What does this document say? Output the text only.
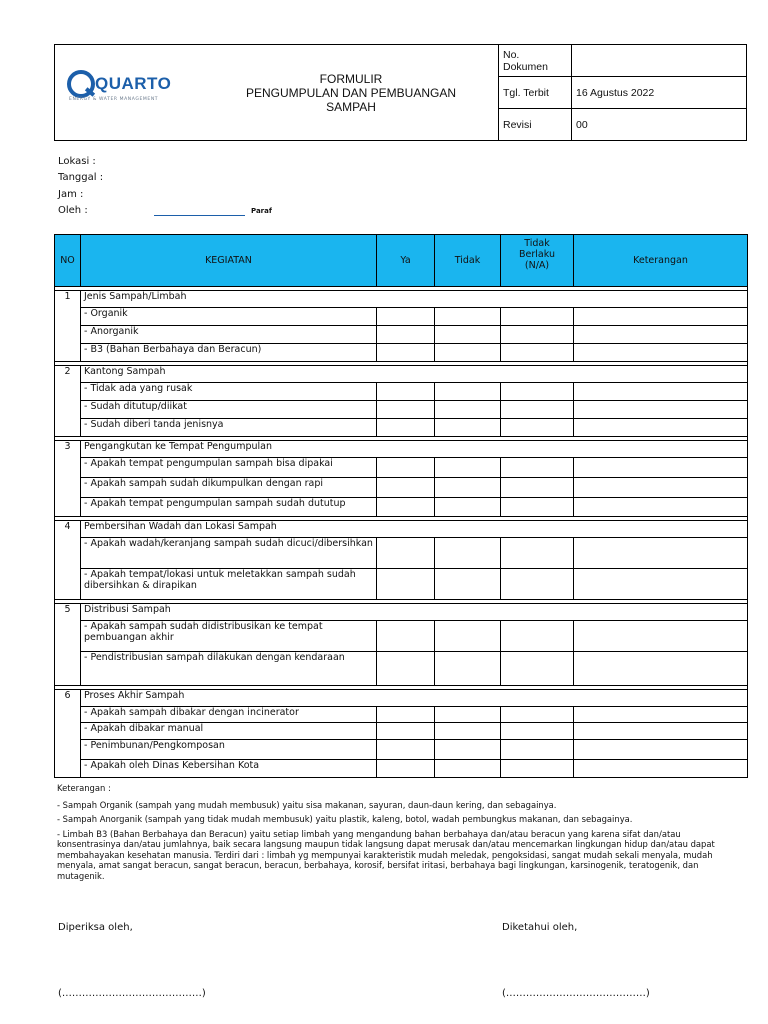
QUARTO
ENERGY & WATER MANAGEMENT
FORMULIR
PENGUMPULAN DAN PEMBUANGAN
SAMPAH
No. Dokumen	
Tgl. Terbit	16 Agustus 2022
Revisi	00
Lokasi :
Tanggal :
Jam :
Oleh :	Paraf
NO	KEGIATAN	Ya	Tidak	Tidak Berlaku
(N/A)	Keterangan

1	Jenis Sampah/Limbah				
	- Organik				
	- Anorganik				
	- B3 (Bahan Berbahaya dan Beracun)				

2	Kantong Sampah				
	- Tidak ada yang rusak				
	- Sudah ditutup/diikat				
	- Sudah diberi tanda jenisnya				

3	Pengangkutan ke Tempat Pengumpulan				
	- Apakah tempat pengumpulan sampah bisa dipakai				
	- Apakah sampah sudah dikumpulkan dengan rapi				
	- Apakah tempat pengumpulan sampah sudah dututup				

4	Pembersihan Wadah dan Lokasi Sampah				
	- Apakah wadah/keranjang sampah sudah dicuci/dibersihkan				
	- Apakah tempat/lokasi untuk meletakkan sampah sudah dibersihkan & dirapikan				

5	Distribusi Sampah				
	- Apakah sampah sudah didistribusikan ke tempat pembuangan akhir				
	- Pendistribusian sampah dilakukan dengan kendaraan				

6	Proses Akhir Sampah				
	- Apakah sampah dibakar dengan incinerator				
	- Apakah dibakar manual				
	- Penimbunan/Pengkomposan				
	- Apakah oleh Dinas Kebersihan Kota				

Keterangan :

- Sampah Organik (sampah yang mudah membusuk) yaitu sisa makanan, sayuran, daun-daun kering, dan sebagainya.

- Sampah Anorganik (sampah yang tidak mudah membusuk) yaitu plastik, kaleng, botol, wadah pembungkus makanan, dan sebagainya.

- Limbah B3 (Bahan Berbahaya dan Beracun) yaitu setiap limbah yang mengandung bahan berbahaya dan/atau beracun yang karena sifat dan/atau konsentrasinya dan/atau jumlahnya, baik secara langsung maupun tidak langsung dapat merusak dan/atau mencemarkan lingkungan hidup dan/atau dapat membahayakan kesehatan manusia. Terdiri dari : limbah yg mempunyai karakteristik mudah meledak, pengoksidasi, sangat mudah sekali menyala, mudah menyala, amat sangat beracun, sangat beracun, beracun, berbahaya, korosif, bersifat iritasi, berbahaya bagi lingkungan, karsinogenik, teratogenik, dan mutagenik.

Diperiksa oleh,	Diketahui oleh,
(……………………………………)	(……………………………………)
